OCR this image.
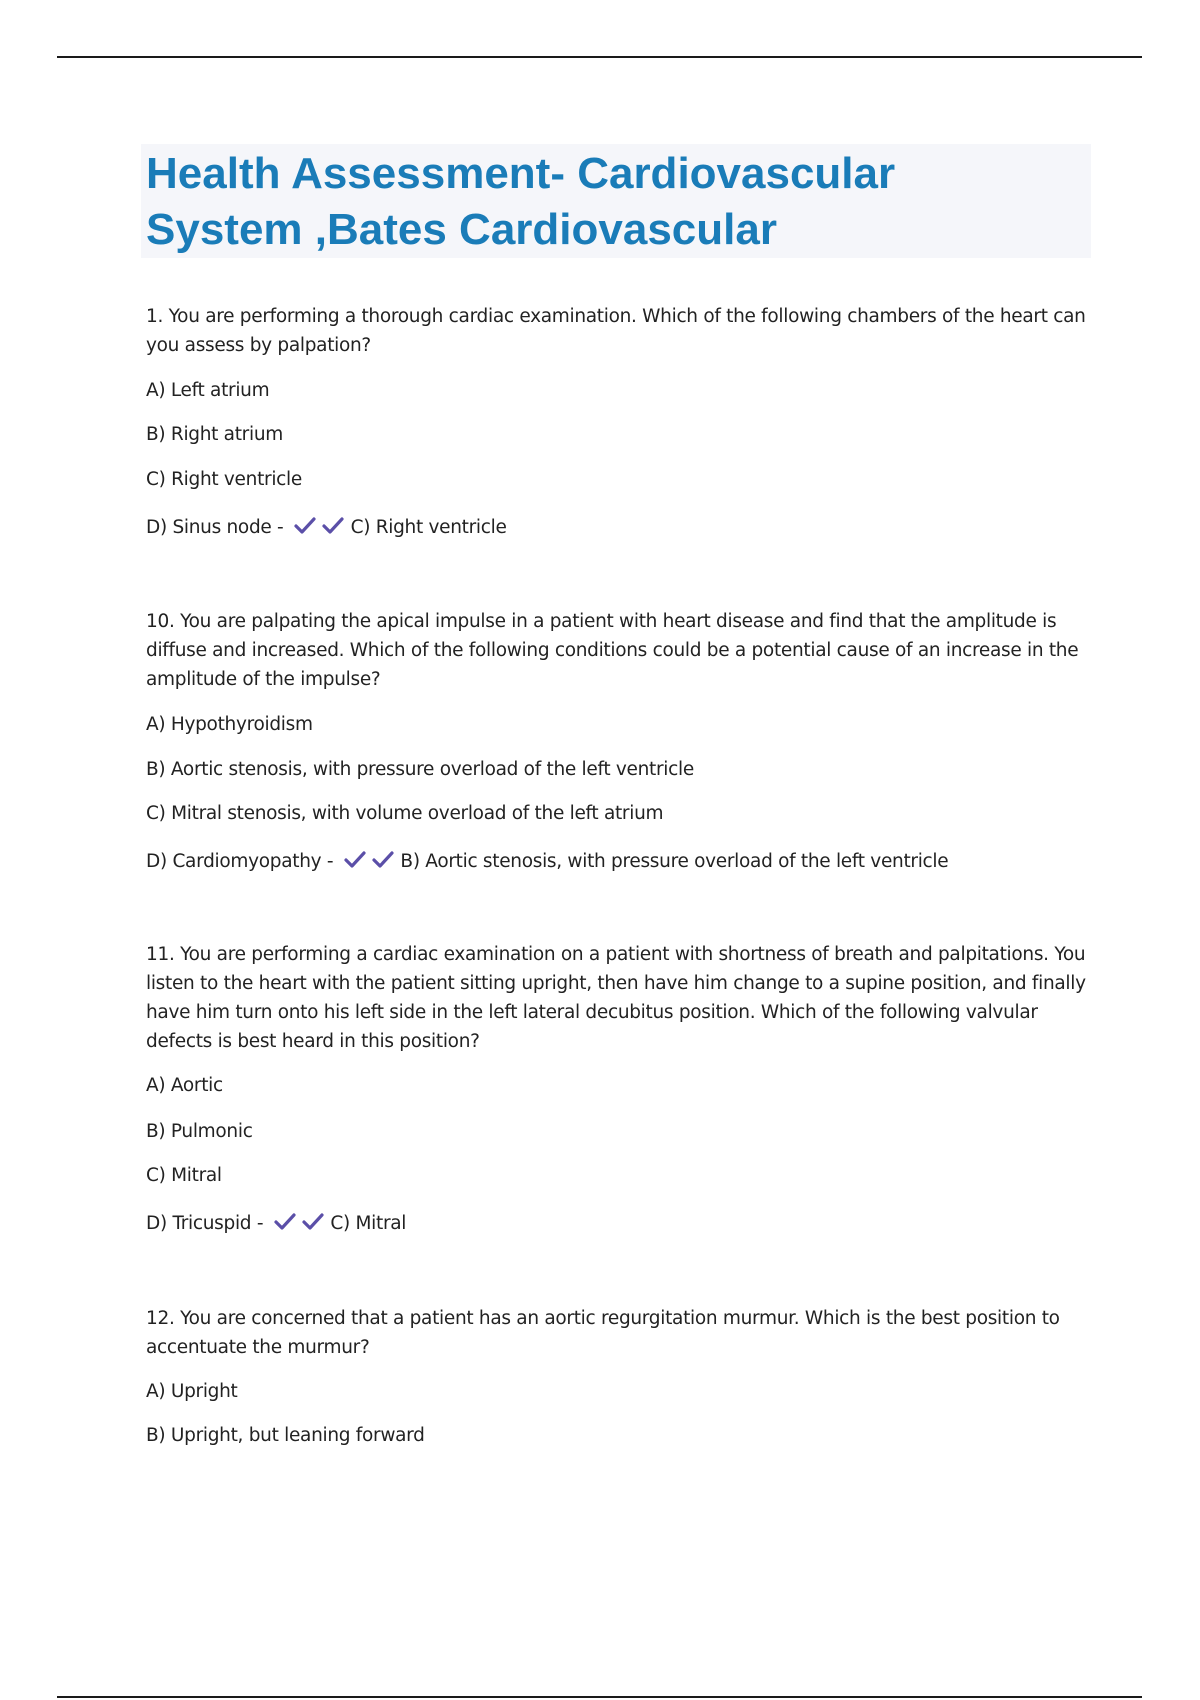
Health Assessment- Cardiovascular
System ,Bates Cardiovascular

1. You are performing a thorough cardiac examination. Which of the following chambers of the heart can you assess by palpation?

A) Left atrium

B) Right atrium

C) Right ventricle

D) Sinus node -	C) Right ventricle

10. You are palpating the apical impulse in a patient with heart disease and find that the amplitude is diffuse and increased. Which of the following conditions could be a potential cause of an increase in the amplitude of the impulse?

A) Hypothyroidism

B) Aortic stenosis, with pressure overload of the left ventricle

C) Mitral stenosis, with volume overload of the left atrium

D) Cardiomyopathy -	B) Aortic stenosis, with pressure overload of the left ventricle

11. You are performing a cardiac examination on a patient with shortness of breath and palpitations. You listen to the heart with the patient sitting upright, then have him change to a supine position, and finally have him turn onto his left side in the left lateral decubitus position. Which of the following valvular defects is best heard in this position?

A) Aortic

B) Pulmonic

C) Mitral

D) Tricuspid -	C) Mitral

12. You are concerned that a patient has an aortic regurgitation murmur. Which is the best position to accentuate the murmur?

A) Upright

B) Upright, but leaning forward
